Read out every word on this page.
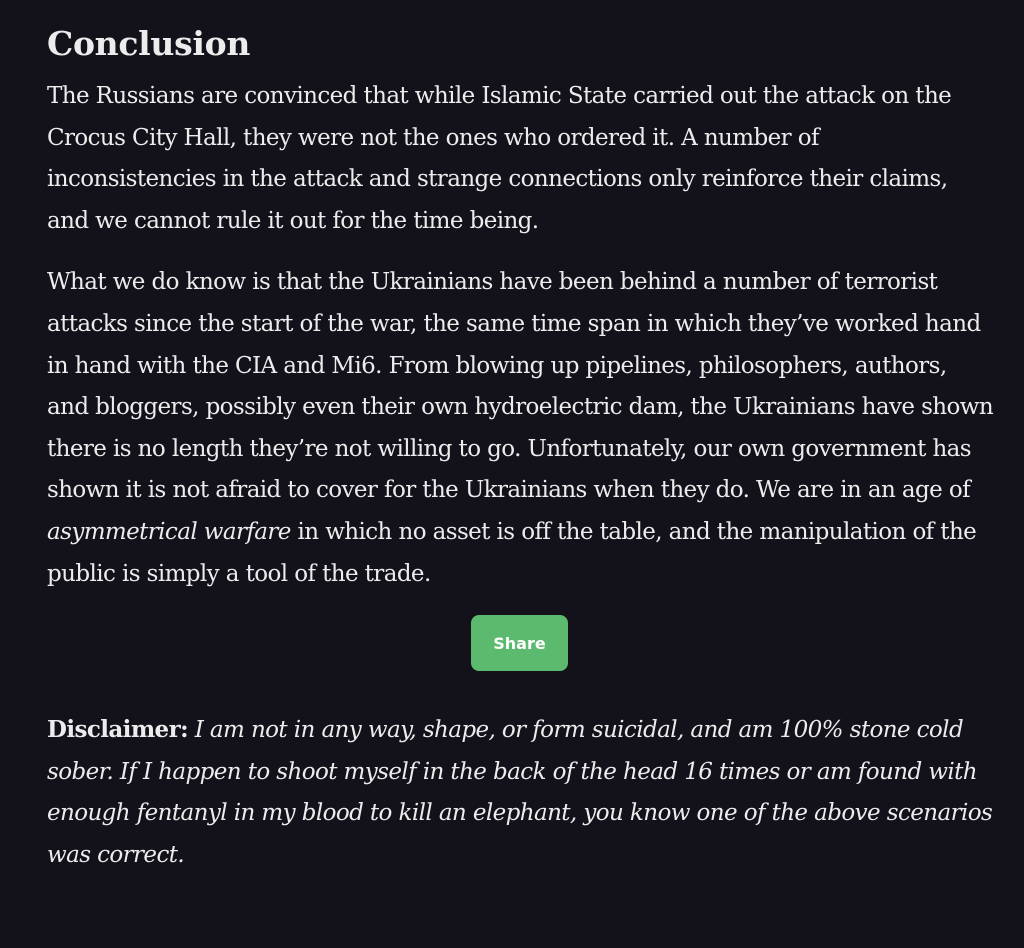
Conclusion

The Russians are convinced that while Islamic State carried out the attack on the Crocus City Hall, they were not the ones who ordered it. A number of inconsistencies in the attack and strange connections only reinforce their claims, and we cannot rule it out for the time being.

What we do know is that the Ukrainians have been behind a number of terrorist attacks since the start of the war, the same time span in which they’ve worked hand in hand with the CIA and Mi6. From blowing up pipelines, philosophers, authors, and bloggers, possibly even their own hydroelectric dam, the Ukrainians have shown there is no length they’re not willing to go. Unfortunately, our own government has shown it is not afraid to cover for the Ukrainians when they do. We are in an age of asymmetrical warfare in which no asset is off the table, and the manipulation of the public is simply a tool of the trade.

Share

Disclaimer: I am not in any way, shape, or form suicidal, and am 100% stone cold sober. If I happen to shoot myself in the back of the head 16 times or am found with enough fentanyl in my blood to kill an elephant, you know one of the above scenarios was correct.
